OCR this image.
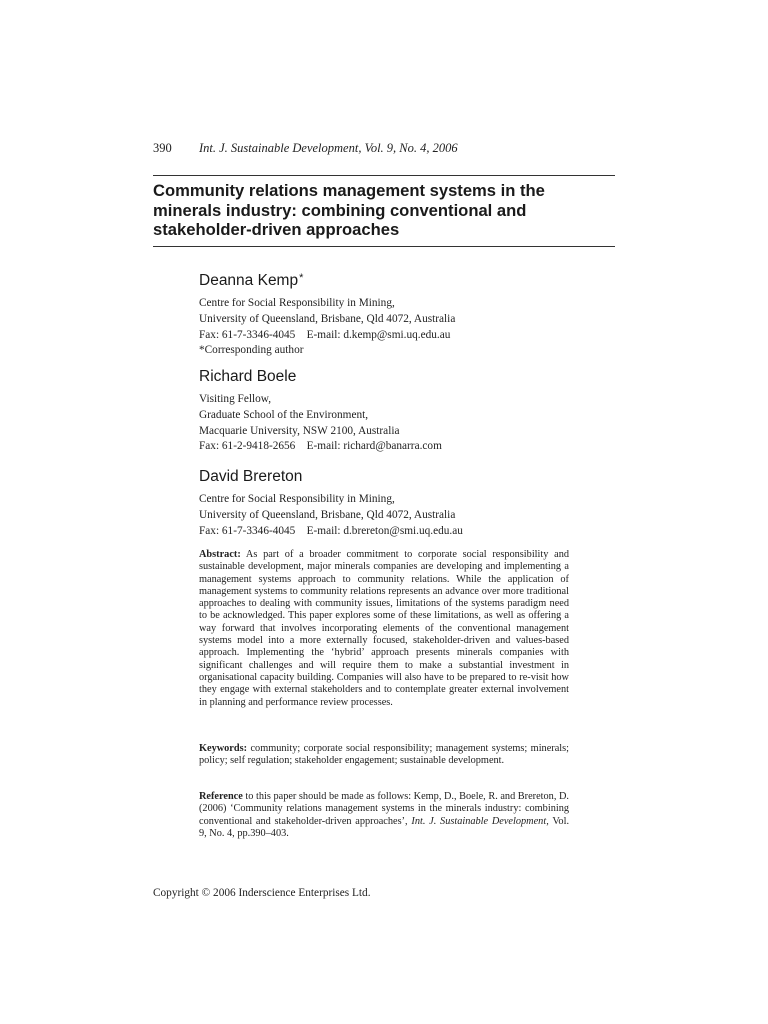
390 Int. J. Sustainable Development, Vol. 9, No. 4, 2006
Community relations management systems in the
minerals industry: combining conventional and
stakeholder-driven approaches
Deanna Kemp*
Centre for Social Responsibility in Mining,
University of Queensland, Brisbane, Qld 4072, Australia
Fax: 61-7-3346-4045    E-mail: d.kemp@smi.uq.edu.au
*Corresponding author
Richard Boele
Visiting Fellow,
Graduate School of the Environment,
Macquarie University, NSW 2100, Australia
Fax: 61-2-9418-2656    E-mail: richard@banarra.com
David Brereton
Centre for Social Responsibility in Mining,
University of Queensland, Brisbane, Qld 4072, Australia
Fax: 61-7-3346-4045    E-mail: d.brereton@smi.uq.edu.au

Abstract: As part of a broader commitment to corporate social responsibility and sustainable development, major minerals companies are developing and implementing a management systems approach to community relations. While the application of management systems to community relations represents an advance over more traditional approaches to dealing with community issues, limitations of the systems paradigm need to be acknowledged. This paper explores some of these limitations, as well as offering a way forward that involves incorporating elements of the conventional management systems model into a more externally focused, stakeholder-driven and values-based approach. Implementing the ‘hybrid’ approach presents minerals companies with significant challenges and will require them to make a substantial investment in organisational capacity building. Companies will also have to be prepared to re-visit how they engage with external stakeholders and to contemplate greater external involvement in planning and performance review processes.

Keywords: community; corporate social responsibility; management systems; minerals; policy; self regulation; stakeholder engagement; sustainable development.

Reference to this paper should be made as follows: Kemp, D., Boele, R. and Brereton, D. (2006) ‘Community relations management systems in the minerals industry: combining conventional and stakeholder-driven approaches’, Int. J. Sustainable Development, Vol. 9, No. 4, pp.390–403.

Copyright © 2006 Inderscience Enterprises Ltd.
